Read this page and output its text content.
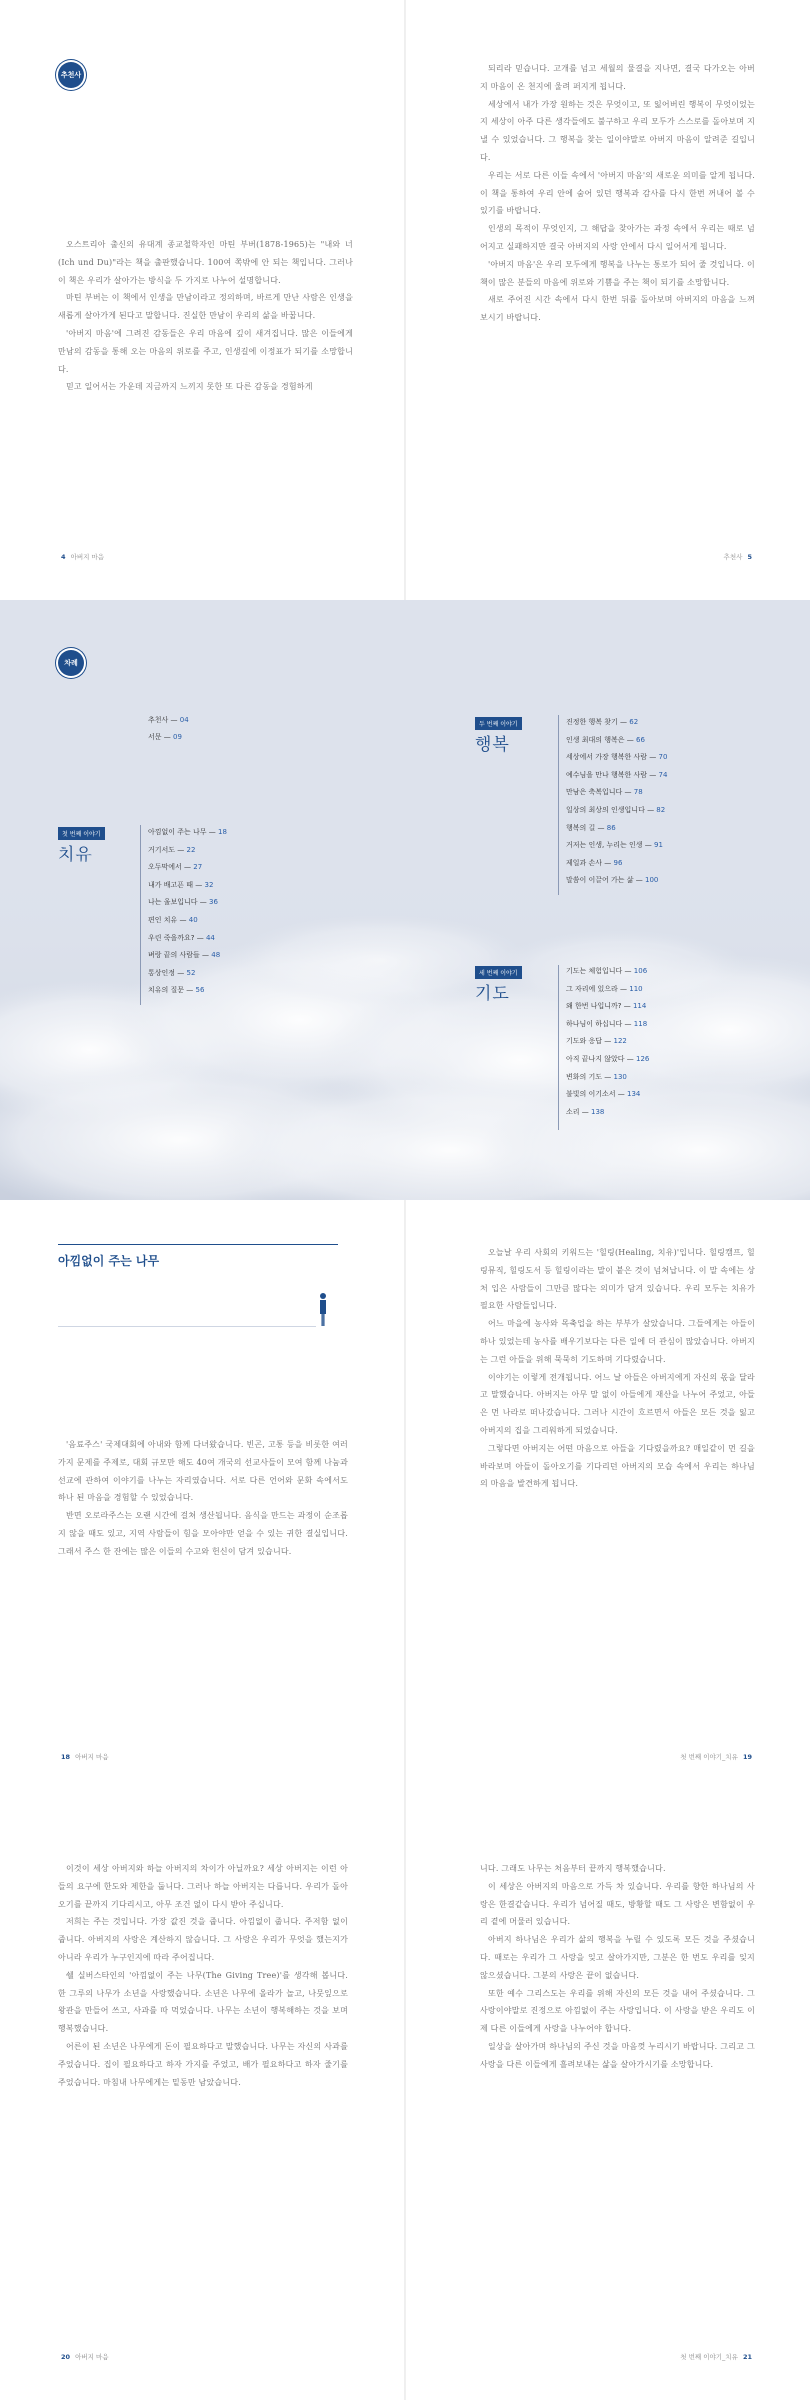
추천사

오스트리아 출신의 유대계 종교철학자인 마틴 부버(1878-1965)는 "내와 너(Ich und Du)"라는 책을 출판했습니다. 100여 쪽밖에 안 되는 책입니다. 그러나 이 책은 우리가 살아가는 방식을 두 가지로 나누어 설명합니다.

마틴 부버는 이 책에서 인생을 만남이라고 정의하며, 바르게 만난 사람은 인생을 새롭게 살아가게 된다고 말합니다. 진실한 만남이 우리의 삶을 바꿉니다.

'아버지 마음'에 그려진 감동들은 우리 마음에 깊이 새겨집니다. 많은 이들에게 만남의 감동을 통해 오는 마음의 위로를 주고, 인생길에 이정표가 되기를 소망합니다.

믿고 일어서는 가운데 지금까지 느끼지 못한 또 다른 감동을 경험하게

4 아버지 마음

되리라 믿습니다. 고개를 넘고 세월의 물결을 지나면, 결국 다가오는 아버지 마음이 온 천지에 울려 퍼지게 됩니다.

세상에서 내가 가장 원하는 것은 무엇이고, 또 잃어버린 행복이 무엇이었는지 세상이 아주 다른 생각들에도 불구하고 우리 모두가 스스로를 돌아보며 지낼 수 있었습니다. 그 행복을 찾는 일이야말로 아버지 마음이 알려준 길입니다.

우리는 서로 다른 이들 속에서 '아버지 마음'의 새로운 의미를 알게 됩니다. 이 책을 통하여 우리 안에 숨어 있던 행복과 감사를 다시 한번 꺼내어 볼 수 있기를 바랍니다.

인생의 목적이 무엇인지, 그 해답을 찾아가는 과정 속에서 우리는 때로 넘어지고 실패하지만 결국 아버지의 사랑 안에서 다시 일어서게 됩니다.

'아버지 마음'은 우리 모두에게 행복을 나누는 통로가 되어 줄 것입니다. 이 책이 많은 분들의 마음에 위로와 기쁨을 주는 책이 되기를 소망합니다.

새로 주어진 시간 속에서 다시 한번 뒤를 돌아보며 아버지의 마음을 느껴 보시기 바랍니다.

추천사 5
차례
추천사 — 04
서문 — 09
첫 번째 이야기
치유
아낌없이 주는 나무 — 18
거기서도 — 22
오두막에서 — 27
내가 배고픈 때 — 32
나는 울보입니다 — 36
편인 치유 — 40
우린 죽을까요? — 44
벼랑 끝의 사람들 — 48
통상인정 — 52
치유의 질문 — 56
두 번째 이야기
행복
진정한 행복 찾기 — 62
인생 최대의 행복은 — 66
세상에서 가장 행복한 사람 — 70
예수님을 만나 행복한 사람 — 74
만남은 축복입니다 — 78
일상의 최상의 인생입니다 — 82
행복의 길 — 86
거저는 인생, 누리는 인생 — 91
제일과 손사 — 96
말씀이 이끌어 가는 삶 — 100
세 번째 이야기
기도
기도는 체험입니다 — 106
그 자리에 있으라 — 110
왜 한번 나입니까? — 114
하나님이 하십니다 — 118
기도와 응답 — 122
아직 끝나지 않았다 — 126
변화의 기도 — 130
불빛의 이기소서 — 134
소리 — 138
아낌없이 주는 나무

'음료주스' 국제대회에 아내와 함께 다녀왔습니다. 빈곤, 고통 등을 비롯한 여러 가지 문제를 주제로, 대회 규모만 해도 40여 개국의 선교사들이 모여 함께 나눔과 선교에 관하여 이야기를 나누는 자리였습니다. 서로 다른 언어와 문화 속에서도 하나 된 마음을 경험할 수 있었습니다.

반면 오로라주스는 오랜 시간에 걸쳐 생산됩니다. 음식을 만드는 과정이 순조롭지 않을 때도 있고, 지역 사람들이 힘을 모아야만 얻을 수 있는 귀한 결실입니다. 그래서 주스 한 잔에는 많은 이들의 수고와 헌신이 담겨 있습니다.

18 아버지 마음

오늘날 우리 사회의 키워드는 '힐링(Healing, 치유)'입니다. 힐링캠프, 힐링뮤직, 힐링도서 등 힐링이라는 말이 붙은 것이 넘쳐납니다. 이 말 속에는 상처 입은 사람들이 그만큼 많다는 의미가 담겨 있습니다. 우리 모두는 치유가 필요한 사람들입니다.

어느 마을에 농사와 목축업을 하는 부부가 살았습니다. 그들에게는 아들이 하나 있었는데 농사를 배우기보다는 다른 일에 더 관심이 많았습니다. 아버지는 그런 아들을 위해 묵묵히 기도하며 기다렸습니다.

이야기는 이렇게 전개됩니다. 어느 날 아들은 아버지에게 자신의 몫을 달라고 말했습니다. 아버지는 아무 말 없이 아들에게 재산을 나누어 주었고, 아들은 먼 나라로 떠나갔습니다. 그러나 시간이 흐르면서 아들은 모든 것을 잃고 아버지의 집을 그리워하게 되었습니다.

그렇다면 아버지는 어떤 마음으로 아들을 기다렸을까요? 매일같이 먼 길을 바라보며 아들이 돌아오기를 기다리던 아버지의 모습 속에서 우리는 하나님의 마음을 발견하게 됩니다.

첫 번째 이야기_치유 19

이것이 세상 아버지와 하늘 아버지의 차이가 아닐까요? 세상 아버지는 이런 아들의 요구에 한도와 제한을 둡니다. 그러나 하늘 아버지는 다릅니다. 우리가 돌아오기를 끝까지 기다리시고, 아무 조건 없이 다시 받아 주십니다.

저희는 주는 것입니다. 가장 값진 것을 줍니다. 아낌없이 줍니다. 주저함 없이 줍니다. 아버지의 사랑은 계산하지 않습니다. 그 사랑은 우리가 무엇을 했는지가 아니라 우리가 누구인지에 따라 주어집니다.

쉘 실버스타인의 '아낌없이 주는 나무(The Giving Tree)'를 생각해 봅니다. 한 그루의 나무가 소년을 사랑했습니다. 소년은 나무에 올라가 놀고, 나뭇잎으로 왕관을 만들어 쓰고, 사과를 따 먹었습니다. 나무는 소년이 행복해하는 것을 보며 행복했습니다.

어른이 된 소년은 나무에게 돈이 필요하다고 말했습니다. 나무는 자신의 사과를 주었습니다. 집이 필요하다고 하자 가지를 주었고, 배가 필요하다고 하자 줄기를 주었습니다. 마침내 나무에게는 밑동만 남았습니다.

20 아버지 마음

니다. 그래도 나무는 처음부터 끝까지 행복했습니다.

이 세상은 아버지의 마음으로 가득 차 있습니다. 우리를 향한 하나님의 사랑은 한결같습니다. 우리가 넘어질 때도, 방황할 때도 그 사랑은 변함없이 우리 곁에 머물러 있습니다.

아버지 하나님은 우리가 삶의 행복을 누릴 수 있도록 모든 것을 주셨습니다. 때로는 우리가 그 사랑을 잊고 살아가지만, 그분은 한 번도 우리를 잊지 않으셨습니다. 그분의 사랑은 끝이 없습니다.

또한 예수 그리스도는 우리를 위해 자신의 모든 것을 내어 주셨습니다. 그 사랑이야말로 진정으로 아낌없이 주는 사랑입니다. 이 사랑을 받은 우리도 이제 다른 이들에게 사랑을 나누어야 합니다.

일상을 살아가며 하나님의 주신 것을 마음껏 누리시기 바랍니다. 그리고 그 사랑을 다른 이들에게 흘려보내는 삶을 살아가시기를 소망합니다.

첫 번째 이야기_치유 21
